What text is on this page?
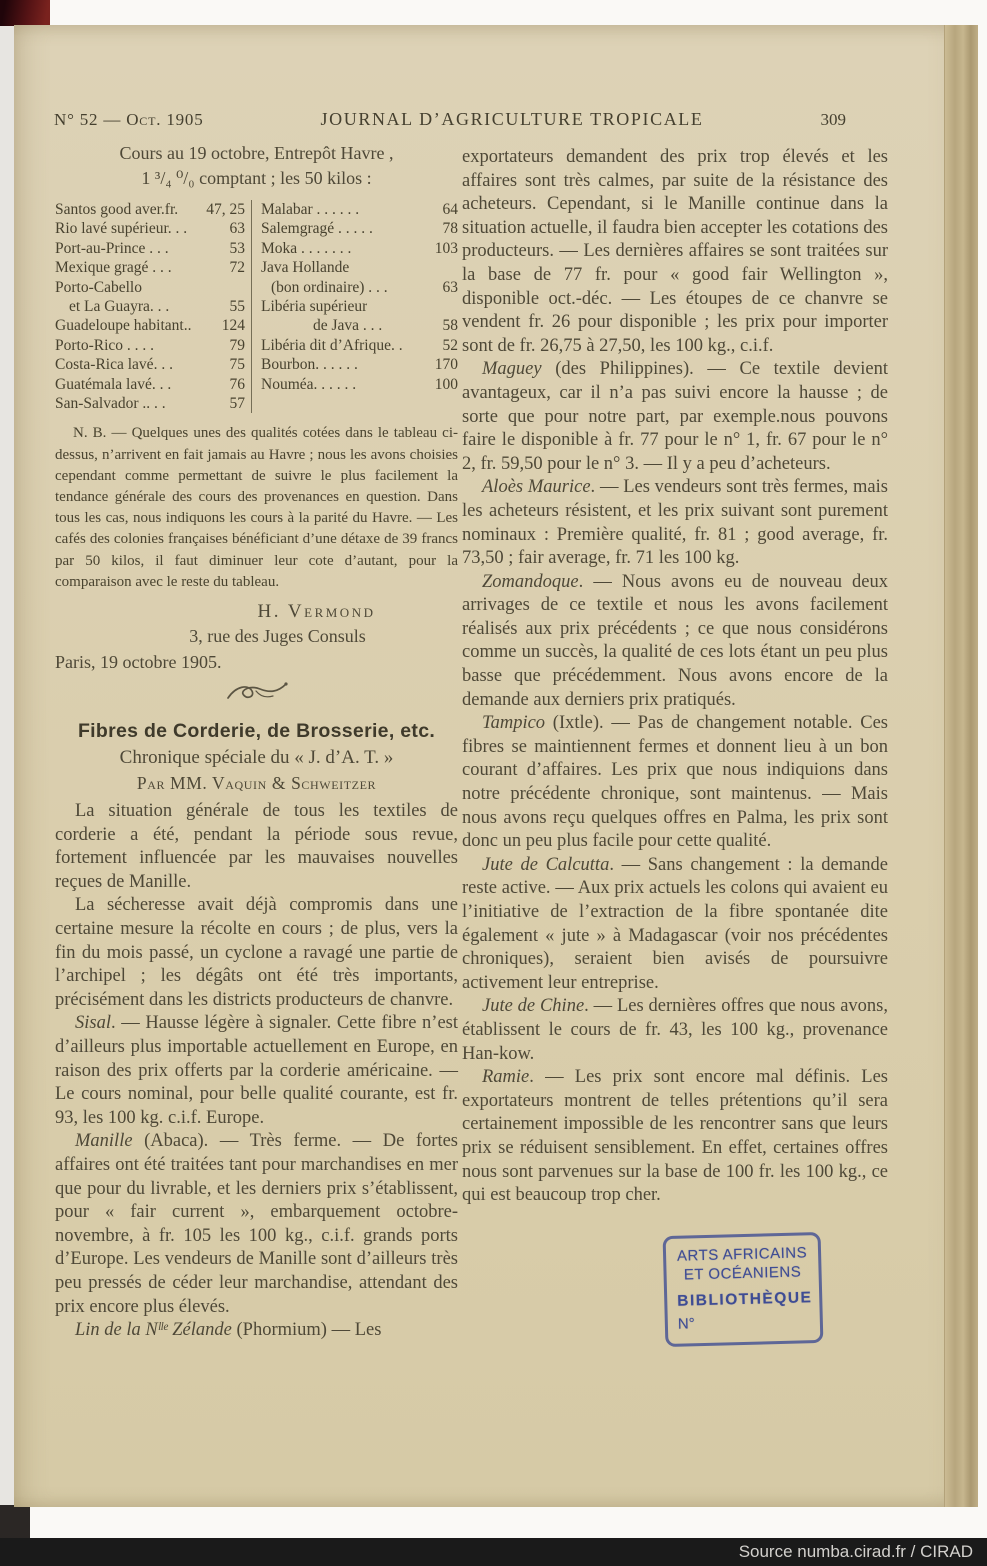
N° 52 — Oct. 1905	JOURNAL D’AGRICULTURE TROPICALE	309
Cours au 19 octobre, Entrepôt Havre ,
1 ³/₄ ⁰/₀ comptant ; les 50 kilos :
Santos good aver.fr. 47, 25
Rio lavé supérieur. . .	63
Port-au-Prince . . .	53
Mexique gragé . . .	72
Porto-Cabello
et La Guayra. . .	55
Guadeloupe habitant.. 124
Porto-Rico . . . .	79
Costa-Rica lavé. . .	75
Guatémala lavé. . .	76
San-Salvador .. . .	57
Malabar . . . . . .	64
Salemgragé . . . . .	78
Moka . . . . . . .	103
Java Hollande
(bon ordinaire) . . .	63
Libéria supérieur
de Java . . .	58
Libéria dit d’Afrique. .	52
Bourbon. . . . . .	170
Nouméa. . . . . .	100
N. B. — Quelques unes des qualités cotées dans le tableau ci-dessus, n’arrivent en fait jamais au Havre ; nous les avons choisies cependant comme permettant de suivre le plus facilement la tendance générale des cours des provenances en question. Dans tous les cas, nous indiquons les cours à la parité du Havre. — Les cafés des colonies françaises bénéficiant d’une détaxe de 39 francs par 50 kilos, il faut diminuer leur cote d’autant, pour la comparaison avec le reste du tableau.
H. Vermond
3, rue des Juges Consuls
Paris, 19 octobre 1905.
Fibres de Corderie, de Brosserie, etc.
Chronique spéciale du « J. d’A. T. »
Par MM. Vaquin & Schweitzer

La situation générale de tous les textiles de corderie a été, pendant la période sous revue, fortement influencée par les mauvaises nouvelles reçues de Manille.

La sécheresse avait déjà compromis dans une certaine mesure la récolte en cours ; de plus, vers la fin du mois passé, un cyclone a ravagé une partie de l’archipel ; les dégâts ont été très importants, précisément dans les districts producteurs de chanvre.

Sisal. — Hausse légère à signaler. Cette fibre n’est d’ailleurs plus importable actuellement en Europe, en raison des prix offerts par la corderie américaine. — Le cours nominal, pour belle qualité courante, est fr. 93, les 100 kg. c.i.f. Europe.

Manille (Abaca). — Très ferme. — De fortes affaires ont été traitées tant pour marchandises en mer que pour du livrable, et les derniers prix s’établissent, pour « fair current », embarquement octobre-novembre, à fr. 105 les 100 kg., c.i.f. grands ports d’Europe. Les vendeurs de Manille sont d’ailleurs très peu pressés de céder leur marchandise, attendant des prix encore plus élevés.

Lin de la Nˡˡᵉ Zélande (Phormium) — Les

exportateurs demandent des prix trop élevés et les affaires sont très calmes, par suite de la résistance des acheteurs. Cependant, si le Manille continue dans la situation actuelle, il faudra bien accepter les cotations des producteurs. — Les dernières affaires se sont traitées sur la base de 77 fr. pour « good fair Wellington », disponible oct.-déc. — Les étoupes de ce chanvre se vendent fr. 26 pour disponible ; les prix pour importer sont de fr. 26,75 à 27,50, les 100 kg., c.i.f.

Maguey (des Philippines). — Ce textile devient avantageux, car il n’a pas suivi encore la hausse ; de sorte que pour notre part, par exemple.nous pouvons faire le disponible à fr. 77 pour le n° 1, fr. 67 pour le n° 2, fr. 59,50 pour le n° 3. — Il y a peu d’acheteurs.

Aloès Maurice. — Les vendeurs sont très fermes, mais les acheteurs résistent, et les prix suivant sont purement nominaux : Première qualité, fr. 81 ; good average, fr. 73,50 ; fair average, fr. 71 les 100 kg.

Zomandoque. — Nous avons eu de nouveau deux arrivages de ce textile et nous les avons facilement réalisés aux prix précédents ; ce que nous considérons comme un succès, la qualité de ces lots étant un peu plus basse que précédemment. Nous avons encore de la demande aux derniers prix pratiqués.

Tampico (Ixtle). — Pas de changement notable. Ces fibres se maintiennent fermes et donnent lieu à un bon courant d’affaires. Les prix que nous indiquions dans notre précédente chronique, sont maintenus. — Mais nous avons reçu quelques offres en Palma, les prix sont donc un peu plus facile pour cette qualité.

Jute de Calcutta. — Sans changement : la demande reste active. — Aux prix actuels les colons qui avaient eu l’initiative de l’extraction de la fibre spontanée dite également « jute » à Madagascar (voir nos précédentes chroniques), seraient bien avisés de poursuivre activement leur entreprise.

Jute de Chine. — Les dernières offres que nous avons, établissent le cours de fr. 43, les 100 kg., provenance Han-kow.

Ramie. — Les prix sont encore mal définis. Les exportateurs montrent de telles prétentions qu’il sera certainement impossible de les rencontrer sans que leurs prix se réduisent sensiblement. En effet, certaines offres nous sont parvenues sur la base de 100 fr. les 100 kg., ce qui est beaucoup trop cher.

ARTS AFRICAINS
ET OCÉANIENS
BIBLIOTHÈQUE
N°
Source numba.cirad.fr / CIRAD
